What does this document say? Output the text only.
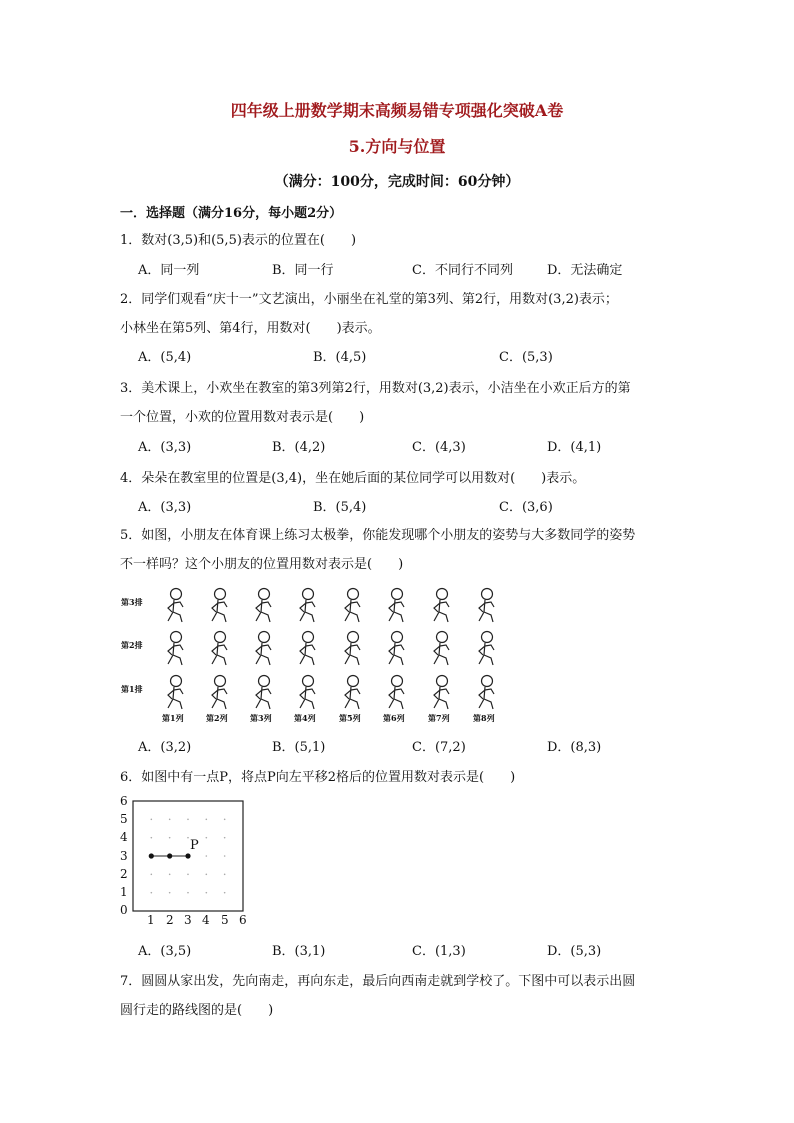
四年级上册数学期末高频易错专项强化突破A卷
5.方向与位置
（满分：100分，完成时间：60分钟）
一．选择题（满分16分，每小题2分）
1．数对(3,5)和(5,5)表示的位置在(　　)
A．同一列	B．同一行	C．不同行不同列	D．无法确定
2．同学们观看“庆十一”文艺演出，小丽坐在礼堂的第3列、第2行，用数对(3,2)表示；
小林坐在第5列、第4行，用数对(　　)表示。
A．(5,4)	B．(4,5)	C．(5,3)
3．美术课上，小欢坐在教室的第3列第2行，用数对(3,2)表示，小洁坐在小欢正后方的第
一个位置，小欢的位置用数对表示是(　　)
A．(3,3)	B．(4,2)	C．(4,3)	D．(4,1)
4．朵朵在教室里的位置是(3,4)，坐在她后面的某位同学可以用数对(　　)表示。
A．(3,3)	B．(5,4)	C．(3,6)
5．如图，小朋友在体育课上练习太极拳，你能发现哪个小朋友的姿势与大多数同学的姿势
不一样吗？这个小朋友的位置用数对表示是(　　)
第3排
第2排
第1排
第1列	第2列	第3列	第4列	第5列	第6列	第7列	第8列
A．(3,2)	B．(5,1)	C．(7,2)	D．(8,3)
6．如图中有一点P，将点P向左平移2格后的位置用数对表示是(　　)
6
5
4
3
2
1
0
P
1 2 3 4 5 6
A．(3,5)	B．(3,1)	C．(1,3)	D．(5,3)
7．圆圆从家出发，先向南走，再向东走，最后向西南走就到学校了。下图中可以表示出圆
圆行走的路线图的是(　　)
